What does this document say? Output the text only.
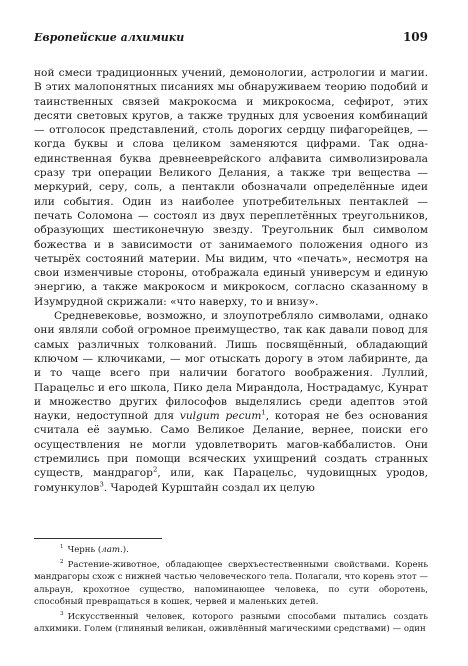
Европейские алхимики	109

ной смеси традиционных учений, демонологии, астрологии и магии. В этих малопонятных писаниях мы обнаруживаем теорию подобий и таинственных связей макрокосма и микрокосма, сефирот, этих десяти световых кругов, а также трудных для усвоения комбинаций — отголосок представлений, столь дорогих сердцу пифагорейцев, — когда буквы и слова целиком заменяются цифрами. Так одна-единственная буква древнееврейского алфавита символизировала сразу три операции Великого Делания, а также три вещества — меркурий, серу, соль, а пентакли обозначали определённые идеи или события. Один из наиболее употребительных пентаклей — печать Соломона — состоял из двух переплетённых треугольников, образующих шестиконечную звезду. Треугольник был символом божества и в зависимости от занимаемого положения одного из четырёх состояний материи. Мы видим, что «печать», несмотря на свои изменчивые стороны, отображала единый универсум и единую энергию, а также макрокосм и микрокосм, согласно сказанному в Изумрудной скрижали: «что наверху, то и внизу».

Средневековье, возможно, и злоупотребляло символами, однако они являли собой огромное преимущество, так как давали повод для самых различных толкований. Лишь посвящённый, обладающий ключом — ключиками, — мог отыскать дорогу в этом лабиринте, да и то чаще всего при наличии богатого воображения. Луллий, Парацельс и его школа, Пико дела Мирандола, Нострадамус, Кунрат и множество других философов выделялись среди адептов этой науки, недоступной для vulgum pecum$^1$, которая не без основания считала её заумью. Само Великое Делание, вернее, поиски его осуществления не могли удовлетворить магов-каббалистов. Они стремились при помощи всяческих ухищрений создать странных существ, мандрагор$^2$, или, как Парацельс, чудовищных уродов, гомункулов$^3$. Чародей Курштайн создал их целую

$^1$ Чернь (лат.).

$^2$ Растение-животное, обладающее сверхъестественными свойствами. Корень мандрагоры схож с нижней частью человеческого тела. Полагали, что корень этот — альраун, крохотное существо, напоминающее человека, по сути оборотень, способный превращаться в кошек, червей и маленьких детей.

$^3$ Искусственный человек, которого разными способами пытались создать алхимики. Голем (глиняный великан, оживлённый магическими средствами) — один
